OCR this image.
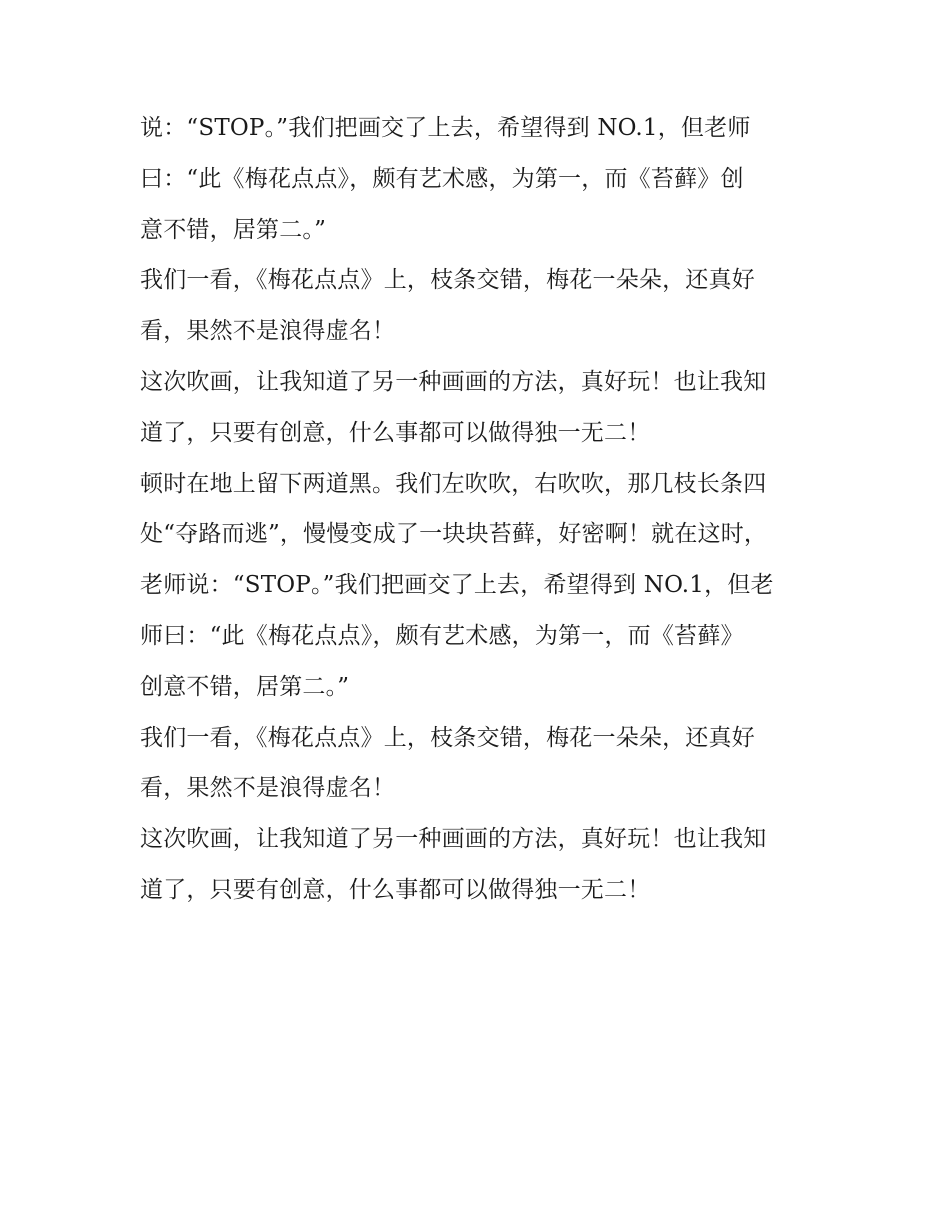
说：“STOP。”我们把画交了上去，希望得到 NO.1，但老师
曰：“此《梅花点点》，颇有艺术感，为第一，而《苔藓》创
意不错，居第二。”
我们一看，《梅花点点》上，枝条交错，梅花一朵朵，还真好
看，果然不是浪得虚名！
这次吹画，让我知道了另一种画画的方法，真好玩！也让我知
道了，只要有创意，什么事都可以做得独一无二！
顿时在地上留下两道黑。我们左吹吹，右吹吹，那几枝长条四
处“夺路而逃”，慢慢变成了一块块苔藓，好密啊！就在这时，
老师说：“STOP。”我们把画交了上去，希望得到 NO.1，但老
师曰：“此《梅花点点》，颇有艺术感，为第一，而《苔藓》
创意不错，居第二。”
我们一看，《梅花点点》上，枝条交错，梅花一朵朵，还真好
看，果然不是浪得虚名！
这次吹画，让我知道了另一种画画的方法，真好玩！也让我知
道了，只要有创意，什么事都可以做得独一无二！
